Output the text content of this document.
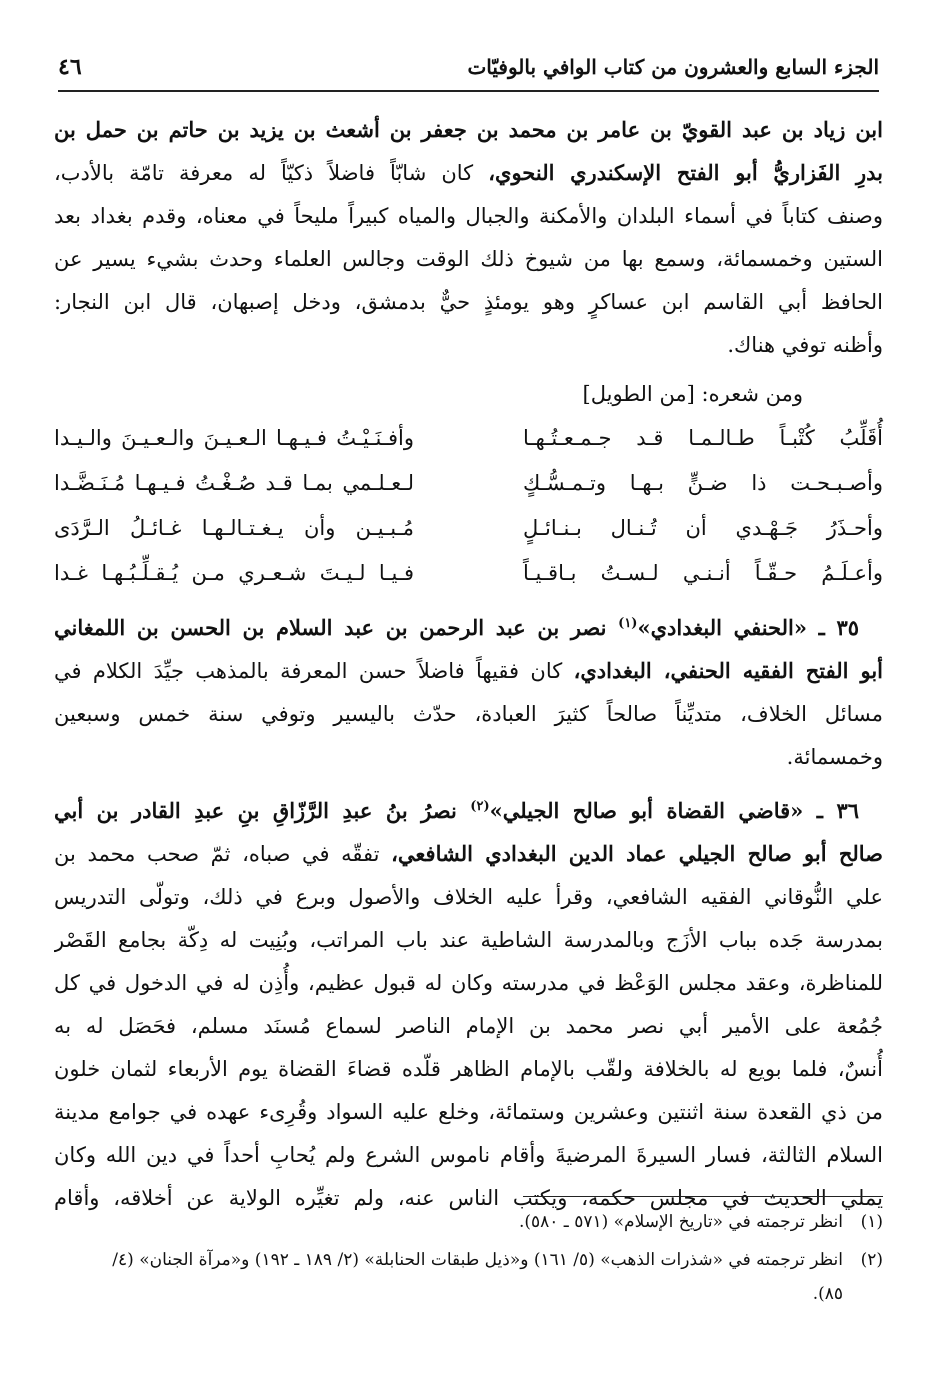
الجزء السابع والعشرون من كتاب الوافي بالوفيّات
٤٦

ابن زياد بن عبد القويّ بن عامر بن محمد بن جعفر بن أشعث بن يزيد بن حاتم بن حمل بن

بدرِ الفَزاريُّ أبو الفتح الإسكندري النحوي، كان شابّاً فاضلاً ذكيّاً له معرفة تامّة بالأدب،

وصنف كتاباً في أسماء البلدان والأمكنة والجبال والمياه كبيراً مليحاً في معناه، وقدم بغداد بعد

الستين وخمسمائة، وسمع بها من شيوخ ذلك الوقت وجالس العلماء وحدث بشيء يسير عن

الحافظ أبي القاسم ابن عساكرٍ وهو يومئذٍ حيٌّ بدمشق، ودخل إصبهان، قال ابن النجار:

وأظنه توفي هناك.

ومن شعره: [من الطويل]

أُقَلِّبُ كُتْبـاً طـالـمـا قـد جـمـعـتُـهـا
وأفـنَـيْـتُ فـيـهـا الـعـيـنَ والـعـيـنَ والـيـدا
وأصـبـحـت ذا ضـنٍّ بـهـا وتـمـسُّـكٍ
لـعـلـمي بمـا قـد صُـغْـتُ فـيـهـا مُـنَـضَّـدا
وأحـذَرُ جَـهْـدي أن تُـنـال بـنـائـلٍ
مُـبـيـن وأن يـغـتـالـهـا غـائـلُ الـرَّدَى
وأعـلَـمُ حـقّـاً أنـنـي لـسـتُ بـاقـيـاً
فـيـا لـيـتَ شـعـري مـن يُـقـلِّـبُـهـا غـدا

٣٥ ـ «الحنفي البغدادي»$^{(١)}$ نصر بن عبد الرحمن بن عبد السلام بن الحسن بن اللمغاني

أبو الفتح الفقيه الحنفي، البغدادي، كان فقيهاً فاضلاً حسن المعرفة بالمذهب جيِّدَ الكلام في

مسائل الخلاف، متديِّناً صالحاً كثيرَ العبادة، حدّث باليسير وتوفي سنة خمس وسبعين

وخمسمائة.

٣٦ ـ «قاضي القضاة أبو صالح الجيلي»$^{(٢)}$ نصرُ بنُ عبدِ الرَّزّاقِ بنِ عبدِ القادر بن أبي

صالح أبو صالح الجيلي عماد الدين البغدادي الشافعي، تفقّه في صباه، ثمّ صحب محمد بن

علي النُّوقاني الفقيه الشافعي، وقرأ عليه الخلاف والأصول وبرع في ذلك، وتولّى التدريس

بمدرسة جَده بباب الأزَج وبالمدرسة الشاطية عند باب المراتب، وبُنِيت له دِكّة بجامع القَصْر

للمناظرة، وعقد مجلس الوَعْظ في مدرسته وكان له قبول عظيم، وأُذِن له في الدخول في كل

جُمُعة على الأمير أبي نصر محمد بن الإمام الناصر لسماع مُسنَد مسلم، فحَصَل له به

أُنسٌ، فلما بويع له بالخلافة ولقّب بالإمام الظاهر قلّده قضاءَ القضاة يوم الأربعاء لثمان خلون

من ذي القعدة سنة اثنتين وعشرين وستمائة، وخلع عليه السواد وقُرِىء عهده في جوامع مدينة

السلام الثالثة، فسار السيرةَ المرضيةَ وأقام ناموس الشرع ولم يُحابِ أحداً في دين الله وكان

يملي الحديث في مجلس حكمه، ويكتب الناس عنه، ولم تغيِّره الولاية عن أخلاقه، وأقام

(١)انظر ترجمته في «تاريخ الإسلام» (٥٧١ ـ ٥٨٠).

(٢)انظر ترجمته في «شذرات الذهب» (٥/ ١٦١) و«ذيل طبقات الحنابلة» (٢/ ١٨٩ ـ ١٩٢) و«مرآة الجنان» (٤/
٨٥).
